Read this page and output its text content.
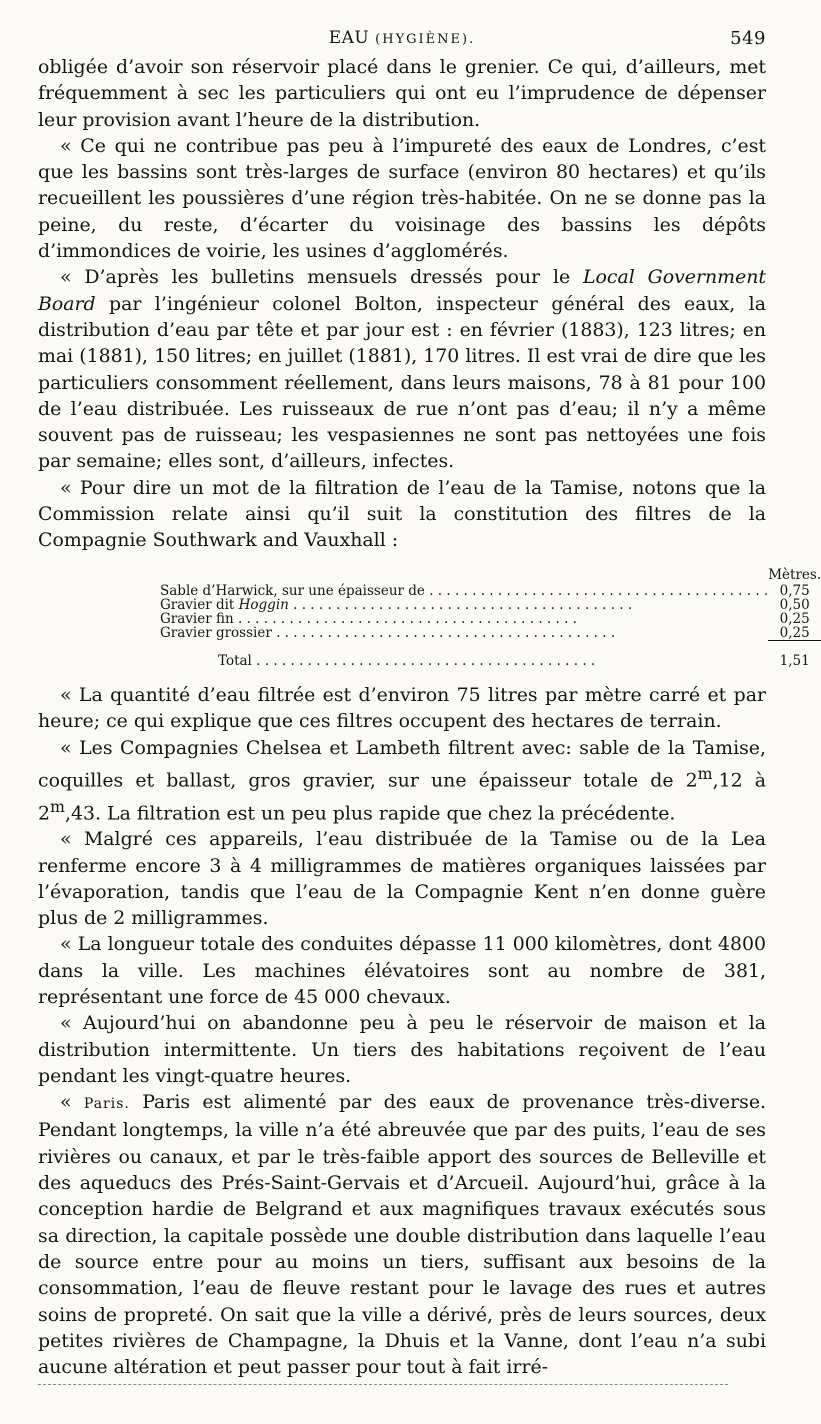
EAU (HYGIÈNE).	549

obligée d’avoir son réservoir placé dans le grenier. Ce qui, d’ailleurs, met fréquemment à sec les particuliers qui ont eu l’imprudence de dépenser leur provision avant l’heure de la distribution.

« Ce qui ne contribue pas peu à l’impureté des eaux de Londres, c’est que les bassins sont très-larges de surface (environ 80 hectares) et qu’ils recueillent les poussières d’une région très-habitée. On ne se donne pas la peine, du reste, d’écarter du voisinage des bassins les dépôts d’immondices de voirie, les usines d’agglomérés.

« D’après les bulletins mensuels dressés pour le Local Government Board par l’ingénieur colonel Bolton, inspecteur général des eaux, la distribution d’eau par tête et par jour est : en février (1883), 123 litres; en mai (1881), 150 litres; en juillet (1881), 170 litres. Il est vrai de dire que les particuliers consomment réellement, dans leurs maisons, 78 à 81 pour 100 de l’eau distribuée. Les ruisseaux de rue n’ont pas d’eau; il n’y a même souvent pas de ruisseau; les vespasiennes ne sont pas nettoyées une fois par semaine; elles sont, d’ailleurs, infectes.

« Pour dire un mot de la filtration de l’eau de la Tamise, notons que la Commission relate ainsi qu’il suit la constitution des filtres de la Compagnie Southwark and Vauxhall :

	Mètres.
Sable d’Harwick, sur une épaisseur de . . . . . . . . . . . . . . . . . . . . . . . . . . . . . . . . . . . . . . . .	0,75
Gravier dit Hoggin . . . . . . . . . . . . . . . . . . . . . . . . . . . . . . . . . . . . . . . .	0,50
Gravier fin . . . . . . . . . . . . . . . . . . . . . . . . . . . . . . . . . . . . . . . .	0,25
Gravier grossier . . . . . . . . . . . . . . . . . . . . . . . . . . . . . . . . . . . . . . . .	0,25
Total . . . . . . . . . . . . . . . . . . . . . . . . . . . . . . . . . . . . . . . .	1,51

« La quantité d’eau filtrée est d’environ 75 litres par mètre carré et par heure; ce qui explique que ces filtres occupent des hectares de terrain.

« Les Compagnies Chelsea et Lambeth filtrent avec: sable de la Tamise, coquilles et ballast, gros gravier, sur une épaisseur totale de 2$^m$,12 à 2$^m$,43. La filtration est un peu plus rapide que chez la précédente.

« Malgré ces appareils, l’eau distribuée de la Tamise ou de la Lea renferme encore 3 à 4 milligrammes de matières organiques laissées par l’évaporation, tandis que l’eau de la Compagnie Kent n’en donne guère plus de 2 milligrammes.

« La longueur totale des conduites dépasse 11 000 kilomètres, dont 4800 dans la ville. Les machines élévatoires sont au nombre de 381, représentant une force de 45 000 chevaux.

« Aujourd’hui on abandonne peu à peu le réservoir de maison et la distribution intermittente. Un tiers des habitations reçoivent de l’eau pendant les vingt-quatre heures.

« Paris. Paris est alimenté par des eaux de provenance très-diverse. Pendant longtemps, la ville n’a été abreuvée que par des puits, l’eau de ses rivières ou canaux, et par le très-faible apport des sources de Belleville et des aqueducs des Prés-Saint-Gervais et d’Arcueil. Aujourd’hui, grâce à la conception hardie de Belgrand et aux magnifiques travaux exécutés sous sa direction, la capitale possède une double distribution dans laquelle l’eau de source entre pour au moins un tiers, suffisant aux besoins de la consommation, l’eau de fleuve restant pour le lavage des rues et autres soins de propreté. On sait que la ville a dérivé, près de leurs sources, deux petites rivières de Champagne, la Dhuis et la Vanne, dont l’eau n’a subi aucune altération et peut passer pour tout à fait irré-
